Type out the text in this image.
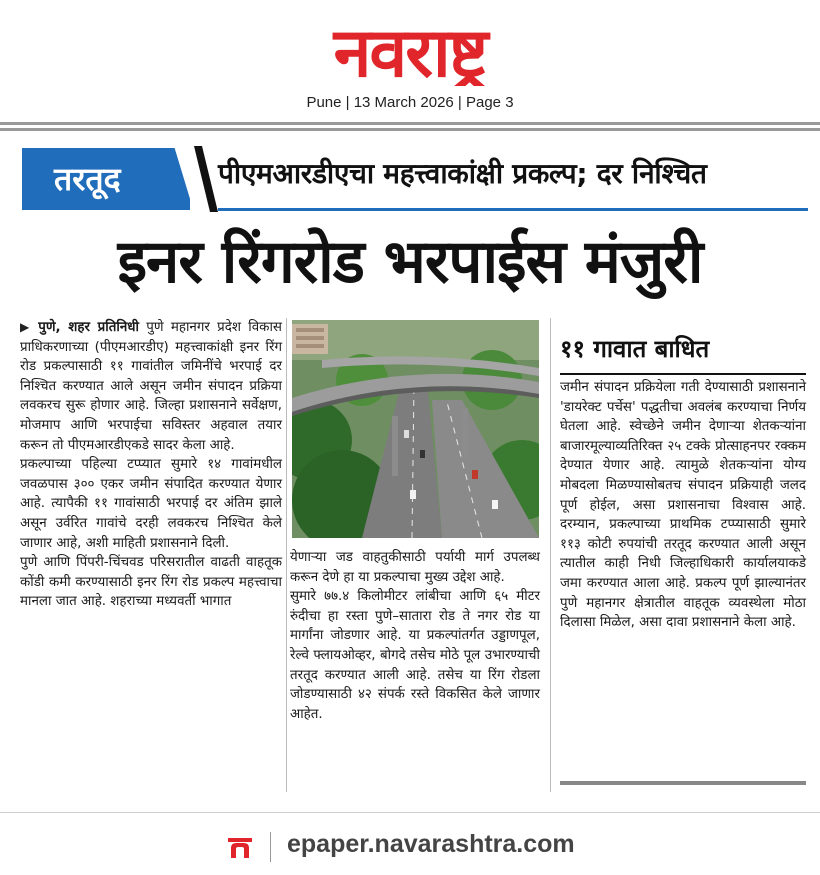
नवराष्ट्र
Pune | 13 March 2026 | Page 3
तरतूद	पीएमआरडीएचा महत्त्वाकांक्षी प्रकल्प; दर निश्चित
इनर रिंगरोड भरपाईस मंजुरी

▶ पुणे, शहर प्रतिनिधी पुणे महानगर प्रदेश विकास प्राधिकरणाच्या (पीएमआरडीए) महत्त्वाकांक्षी इनर रिंग रोड प्रकल्पासाठी ११ गावांतील जमिनींचे भरपाई दर निश्चित करण्यात आले असून जमीन संपादन प्रक्रिया लवकरच सुरू होणार आहे. जिल्हा प्रशासनाने सर्वेक्षण, मोजमाप आणि भरपाईचा सविस्तर अहवाल तयार करून तो पीएमआरडीएकडे सादर केला आहे.

प्रकल्पाच्या पहिल्या टप्प्यात सुमारे १४ गावांमधील जवळपास ३०० एकर जमीन संपादित करण्यात येणार आहे. त्यापैकी ११ गावांसाठी भरपाई दर अंतिम झाले असून उर्वरित गावांचे दरही लवकरच निश्चित केले जाणार आहे, अशी माहिती प्रशासनाने दिली.

पुणे आणि पिंपरी-चिंचवड परिसरातील वाढती वाहतूक कोंडी कमी करण्यासाठी इनर रिंग रोड प्रकल्प महत्त्वाचा मानला जात आहे. शहराच्या मध्यवर्ती भागात

येणाऱ्या जड वाहतुकीसाठी पर्यायी मार्ग उपलब्ध करून देणे हा या प्रकल्पाचा मुख्य उद्देश आहे.

सुमारे ७७.४ किलोमीटर लांबीचा आणि ६५ मीटर रुंदीचा हा रस्ता पुणे–सातारा रोड ते नगर रोड या मार्गांना जोडणार आहे. या प्रकल्पांतर्गत उड्डाणपूल, रेल्वे फ्लायओव्हर, बोगदे तसेच मोठे पूल उभारण्याची तरतूद करण्यात आली आहे. तसेच या रिंग रोडला जोडण्यासाठी ४२ संपर्क रस्ते विकसित केले जाणार आहेत.

११ गावात बाधित

जमीन संपादन प्रक्रियेला गती देण्यासाठी प्रशासनाने 'डायरेक्ट पर्चेस' पद्धतीचा अवलंब करण्याचा निर्णय घेतला आहे. स्वेच्छेने जमीन देणाऱ्या शेतकऱ्यांना बाजारमूल्याव्यतिरिक्त २५ टक्के प्रोत्साहनपर रक्कम देण्यात येणार आहे. त्यामुळे शेतकऱ्यांना योग्य मोबदला मिळण्यासोबतच संपादन प्रक्रियाही जलद पूर्ण होईल, असा प्रशासनाचा विश्वास आहे. दरम्यान, प्रकल्पाच्या प्राथमिक टप्प्यासाठी सुमारे ११३ कोटी रुपयांची तरतूद करण्यात आली असून त्यातील काही निधी जिल्हाधिकारी कार्यालयाकडे जमा करण्यात आला आहे. प्रकल्प पूर्ण झाल्यानंतर पुणे महानगर क्षेत्रातील वाहतूक व्यवस्थेला मोठा दिलासा मिळेल, असा दावा प्रशासनाने केला आहे.

epaper.navarashtra.com
